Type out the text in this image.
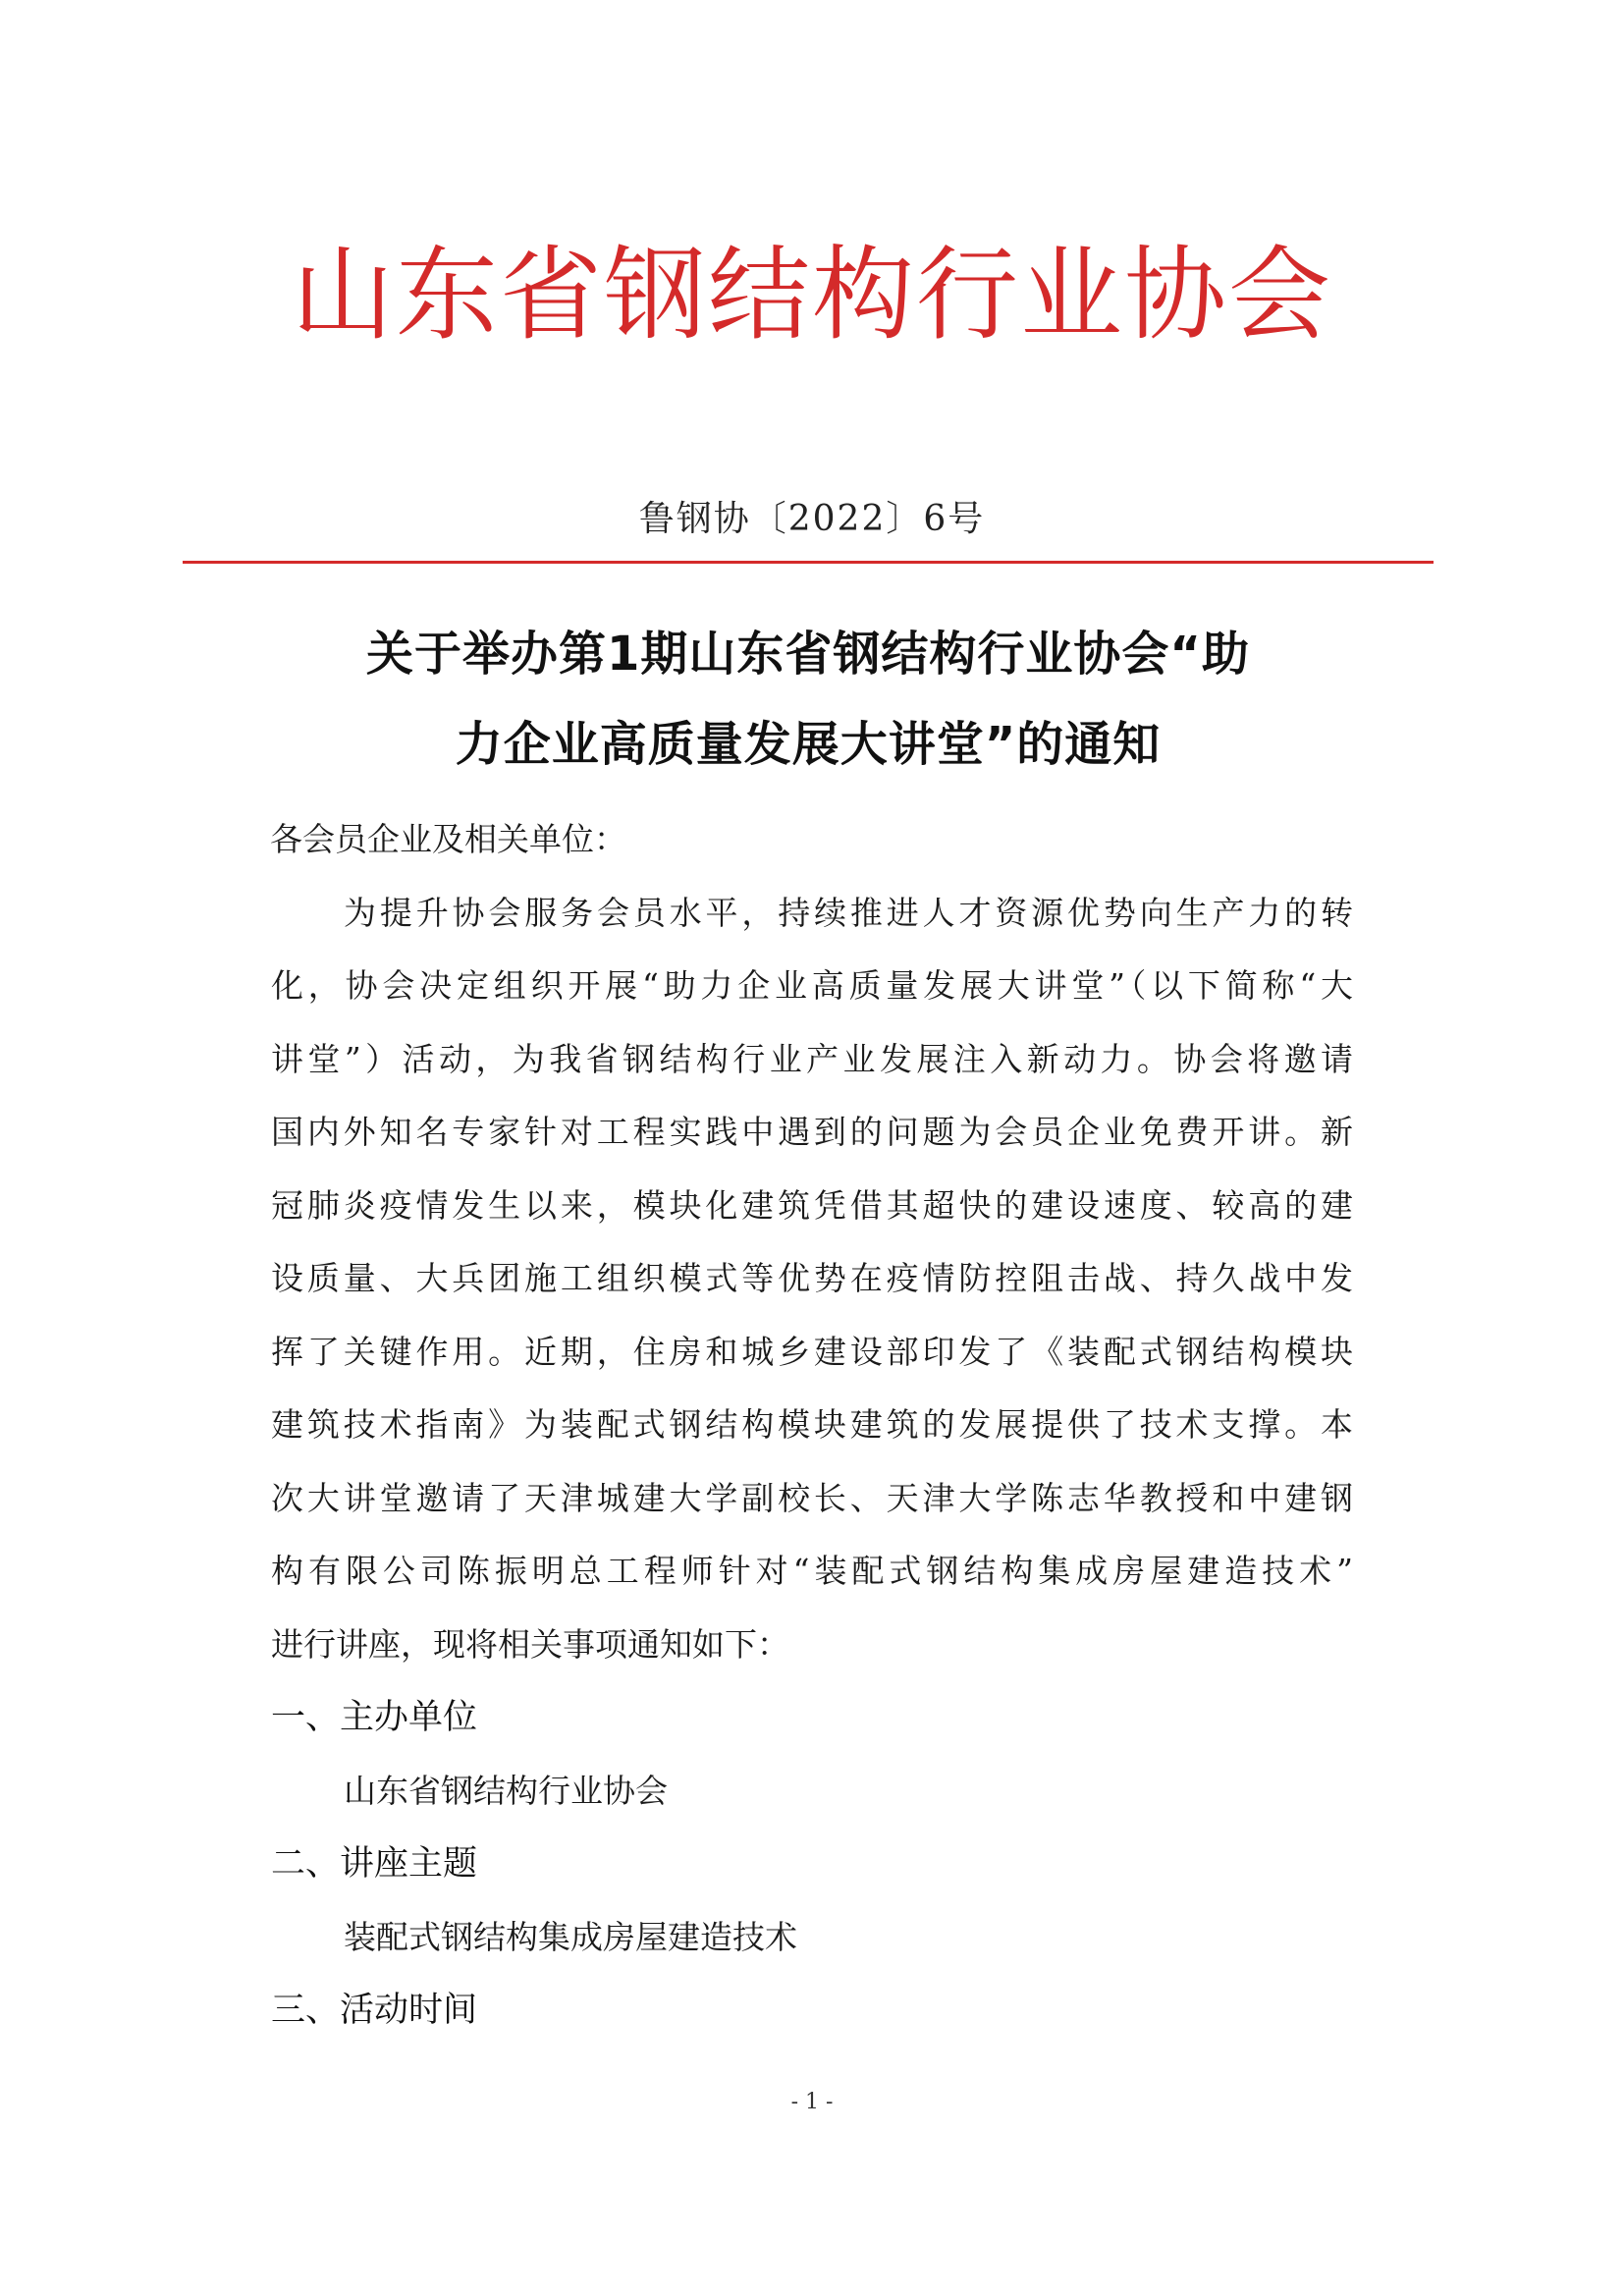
山东省钢结构行业协会
鲁钢协〔2022〕6号
关于举办第1期山东省钢结构行业协会“助
力企业高质量发展大讲堂”的通知
各会员企业及相关单位：
为提升协会服务会员水平，持续推进人才资源优势向生产力的转
化，协会决定组织开展“助力企业高质量发展大讲堂”（以下简称“大
讲堂”）活动，为我省钢结构行业产业发展注入新动力。协会将邀请
国内外知名专家针对工程实践中遇到的问题为会员企业免费开讲。新
冠肺炎疫情发生以来，模块化建筑凭借其超快的建设速度、较高的建
设质量、大兵团施工组织模式等优势在疫情防控阻击战、持久战中发
挥了关键作用。近期，住房和城乡建设部印发了《装配式钢结构模块
建筑技术指南》为装配式钢结构模块建筑的发展提供了技术支撑。本
次大讲堂邀请了天津城建大学副校长、天津大学陈志华教授和中建钢
构有限公司陈振明总工程师针对“装配式钢结构集成房屋建造技术”
进行讲座，现将相关事项通知如下：
一、主办单位
山东省钢结构行业协会
二、讲座主题
装配式钢结构集成房屋建造技术
三、活动时间
- 1 -
